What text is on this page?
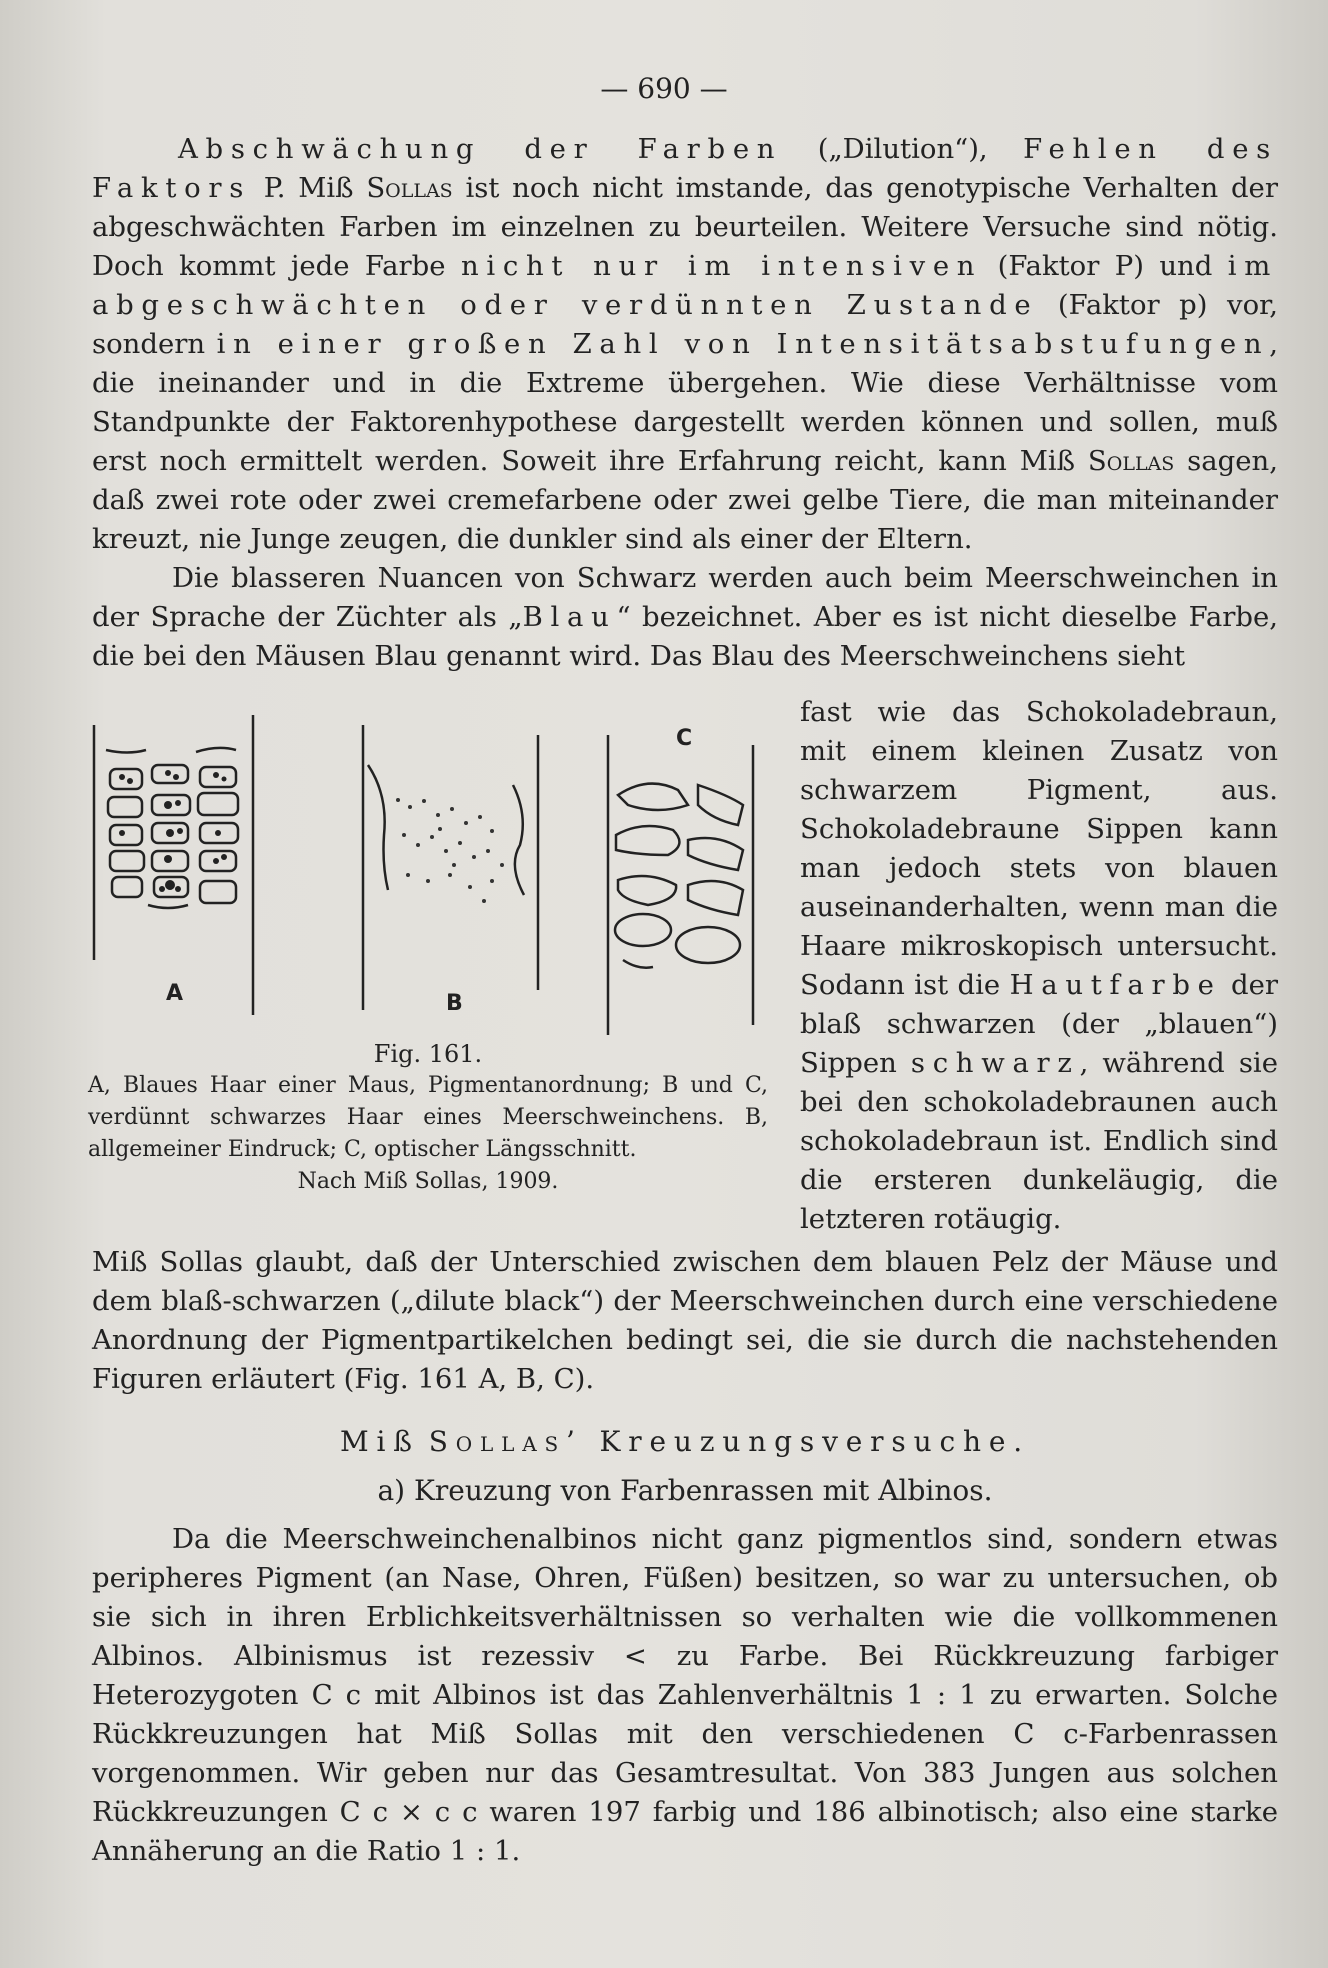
— 690 —

Abschwächung der Farben („Dilution“), Fehlen des Faktors P. Miß Sollas ist noch nicht imstande, das genotypische Verhalten der abgeschwächten Farben im einzelnen zu beurteilen. Weitere Versuche sind nötig. Doch kommt jede Farbe nicht nur im intensiven (Faktor P) und im abgeschwächten oder verdünnten Zustande (Faktor p) vor, sondern in einer großen Zahl von Intensitätsabstufungen, die ineinander und in die Extreme übergehen. Wie diese Verhältnisse vom Standpunkte der Faktorenhypothese dargestellt werden können und sollen, muß erst noch ermittelt werden. Soweit ihre Erfahrung reicht, kann Miß Sollas sagen, daß zwei rote oder zwei cremefarbene oder zwei gelbe Tiere, die man miteinander kreuzt, nie Junge zeugen, die dunkler sind als einer der Eltern.

Die blasseren Nuancen von Schwarz werden auch beim Meerschweinchen in der Sprache der Züchter als „Blau“ bezeichnet. Aber es ist nicht dieselbe Farbe, die bei den Mäusen Blau genannt wird. Das Blau des Meerschweinchens sieht

fast wie das Schokoladebraun, mit einem kleinen Zusatz von schwarzem Pigment, aus. Schokoladebraune Sippen kann man jedoch stets von blauen auseinanderhalten, wenn man die Haare mikroskopisch untersucht. Sodann ist die Hautfarbe der blaß schwarzen (der „blauen“) Sippen schwarz, während sie bei den schokoladebraunen auch schokoladebraun ist. Endlich sind die ersteren dunkeläugig, die letzteren rotäugig.
A	B
C
Fig. 161.
A, Blaues Haar einer Maus, Pigmentanordnung; B und C, verdünnt schwarzes Haar eines Meerschweinchens. B, allgemeiner Eindruck; C, optischer Längsschnitt.
Nach Miß Sollas, 1909.

Miß Sollas glaubt, daß der Unterschied zwischen dem blauen Pelz der Mäuse und dem blaß-schwarzen („dilute black“) der Meerschweinchen durch eine verschiedene Anordnung der Pigmentpartikelchen bedingt sei, die sie durch die nachstehenden Figuren erläutert (Fig. 161 A, B, C).

Miß Sollas’ Kreuzungsversuche.
a) Kreuzung von Farbenrassen mit Albinos.

Da die Meerschweinchenalbinos nicht ganz pigmentlos sind, sondern etwas peripheres Pigment (an Nase, Ohren, Füßen) besitzen, so war zu untersuchen, ob sie sich in ihren Erblichkeitsverhältnissen so verhalten wie die vollkommenen Albinos. Albinismus ist rezessiv < zu Farbe. Bei Rückkreuzung farbiger Heterozygoten C c mit Albinos ist das Zahlenverhältnis 1 : 1 zu erwarten. Solche Rückkreuzungen hat Miß Sollas mit den verschiedenen C c-Farbenrassen vorgenommen. Wir geben nur das Gesamtresultat. Von 383 Jungen aus solchen Rückkreuzungen C c × c c waren 197 farbig und 186 albinotisch; also eine starke Annäherung an die Ratio 1 : 1.
